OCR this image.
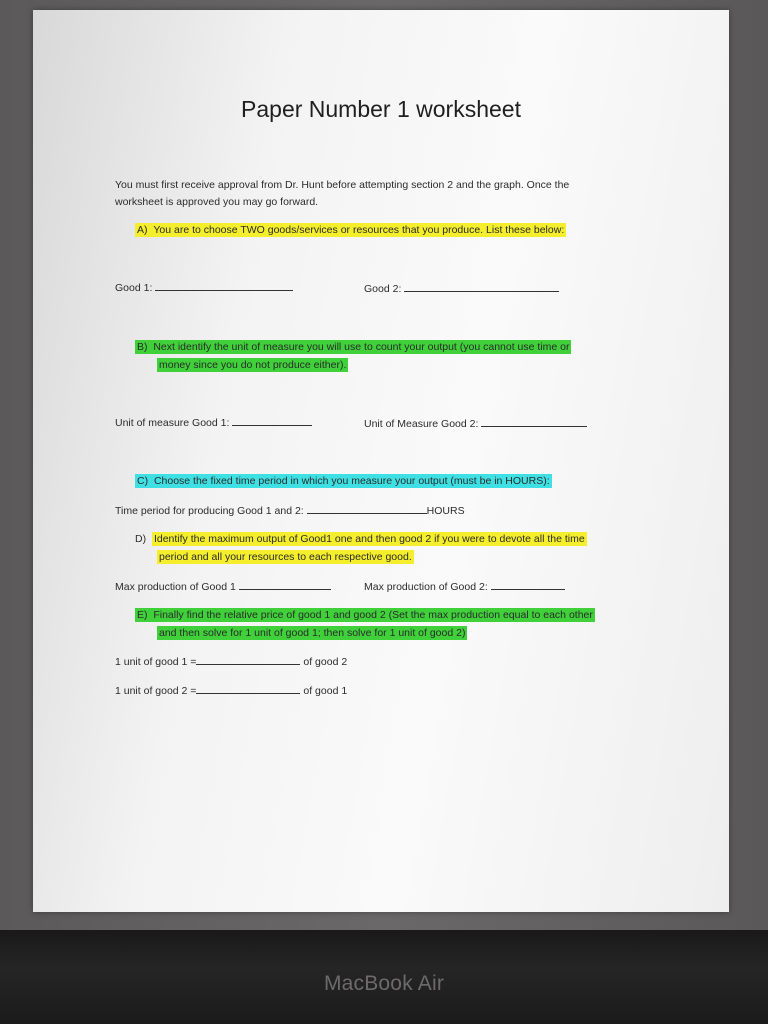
Paper Number 1 worksheet
You must first receive approval from Dr. Hunt before attempting section 2 and the graph. Once the
worksheet is approved you may go forward.
A) You are to choose TWO goods/services or resources that you produce. List these below:
Good 1:	Good 2:
B) Next identify the unit of measure you will use to count your output (you cannot use time or
money since you do not produce either).
Unit of measure Good 1:	Unit of Measure Good 2:
C) Choose the fixed time period in which you measure your output (must be in HOURS):
Time period for producing Good 1 and 2:	HOURS
D) Identify the maximum output of Good1 one and then good 2 if you were to devote all the time
period and all your resources to each respective good.
Max production of Good 1	Max production of Good 2:
E) Finally find the relative price of good 1 and good 2 (Set the max production equal to each other
and then solve for 1 unit of good 1; then solve for 1 unit of good 2)
1 unit of good 1 =	of good 2
1 unit of good 2 =	of good 1
MacBook Air
